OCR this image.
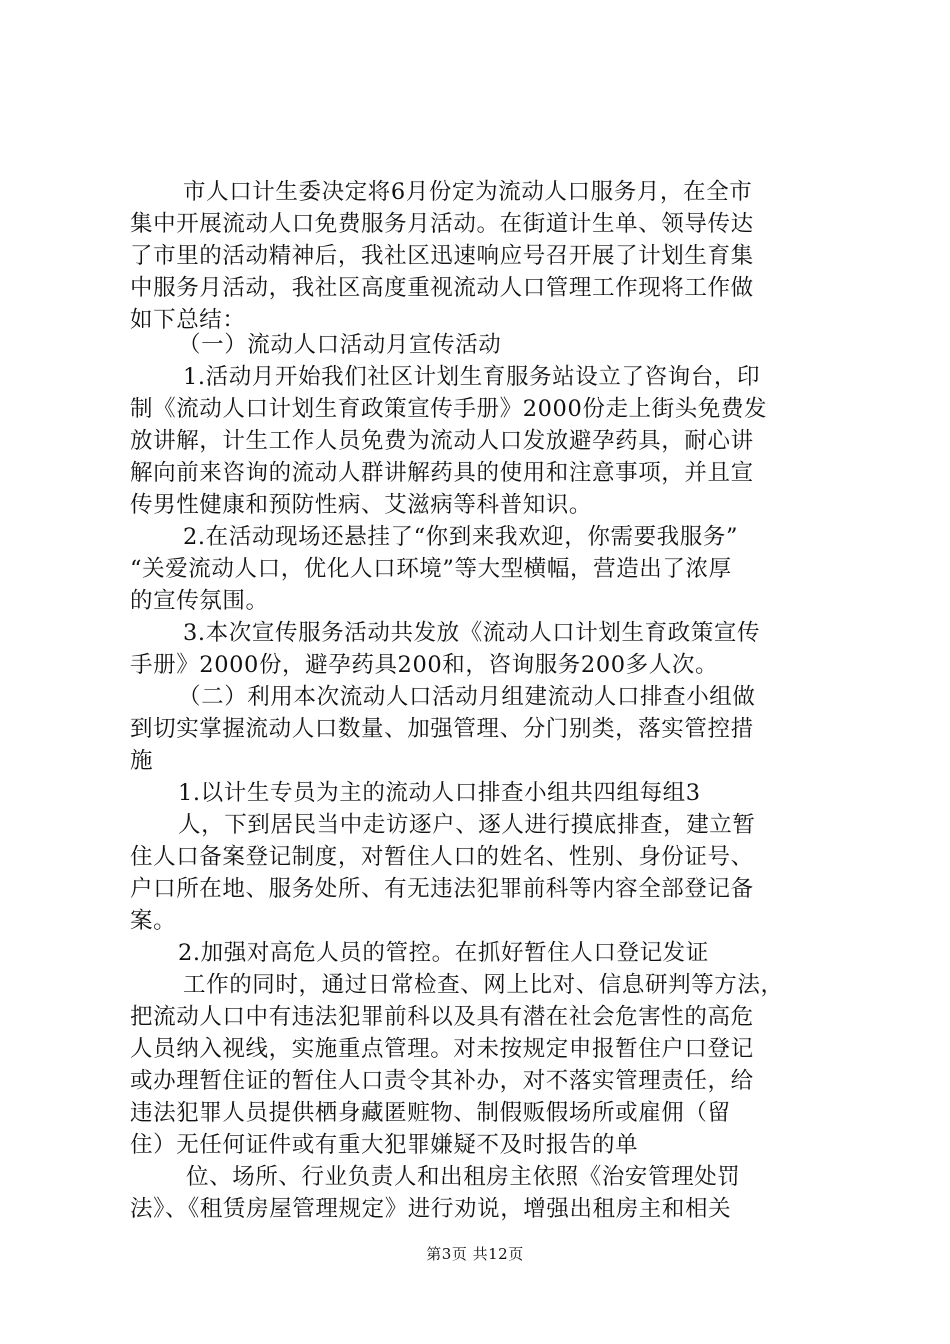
市人口计生委决定将6月份定为流动人口服务月，在全市
集中开展流动人口免费服务月活动。在街道计生单、领导传达
了市里的活动精神后，我社区迅速响应号召开展了计划生育集
中服务月活动，我社区高度重视流动人口管理工作现将工作做
如下总结：
（一）流动人口活动月宣传活动
1.活动月开始我们社区计划生育服务站设立了咨询台，印
制《流动人口计划生育政策宣传手册》2000份走上街头免费发
放讲解，计生工作人员免费为流动人口发放避孕药具，耐心讲
解向前来咨询的流动人群讲解药具的使用和注意事项，并且宣
传男性健康和预防性病、艾滋病等科普知识。
2.在活动现场还悬挂了“你到来我欢迎，你需要我服务”
“关爱流动人口，优化人口环境”等大型横幅，营造出了浓厚
的宣传氛围。
3.本次宣传服务活动共发放《流动人口计划生育政策宣传
手册》2000份，避孕药具200和，咨询服务200多人次。
（二）利用本次流动人口活动月组建流动人口排查小组做
到切实掌握流动人口数量、加强管理、分门别类，落实管控措
施
1.以计生专员为主的流动人口排查小组共四组每组3
人，下到居民当中走访逐户、逐人进行摸底排查，建立暂
住人口备案登记制度，对暂住人口的姓名、性别、身份证号、
户口所在地、服务处所、有无违法犯罪前科等内容全部登记备
案。
2.加强对高危人员的管控。在抓好暂住人口登记发证
工作的同时，通过日常检查、网上比对、信息研判等方法，
把流动人口中有违法犯罪前科以及具有潜在社会危害性的高危
人员纳入视线，实施重点管理。对未按规定申报暂住户口登记
或办理暂住证的暂住人口责令其补办，对不落实管理责任，给
违法犯罪人员提供栖身藏匿赃物、制假贩假场所或雇佣（留
住）无任何证件或有重大犯罪嫌疑不及时报告的单
位、场所、行业负责人和出租房主依照《治安管理处罚
法》、《租赁房屋管理规定》进行劝说，增强出租房主和相关
第3页 共12页
